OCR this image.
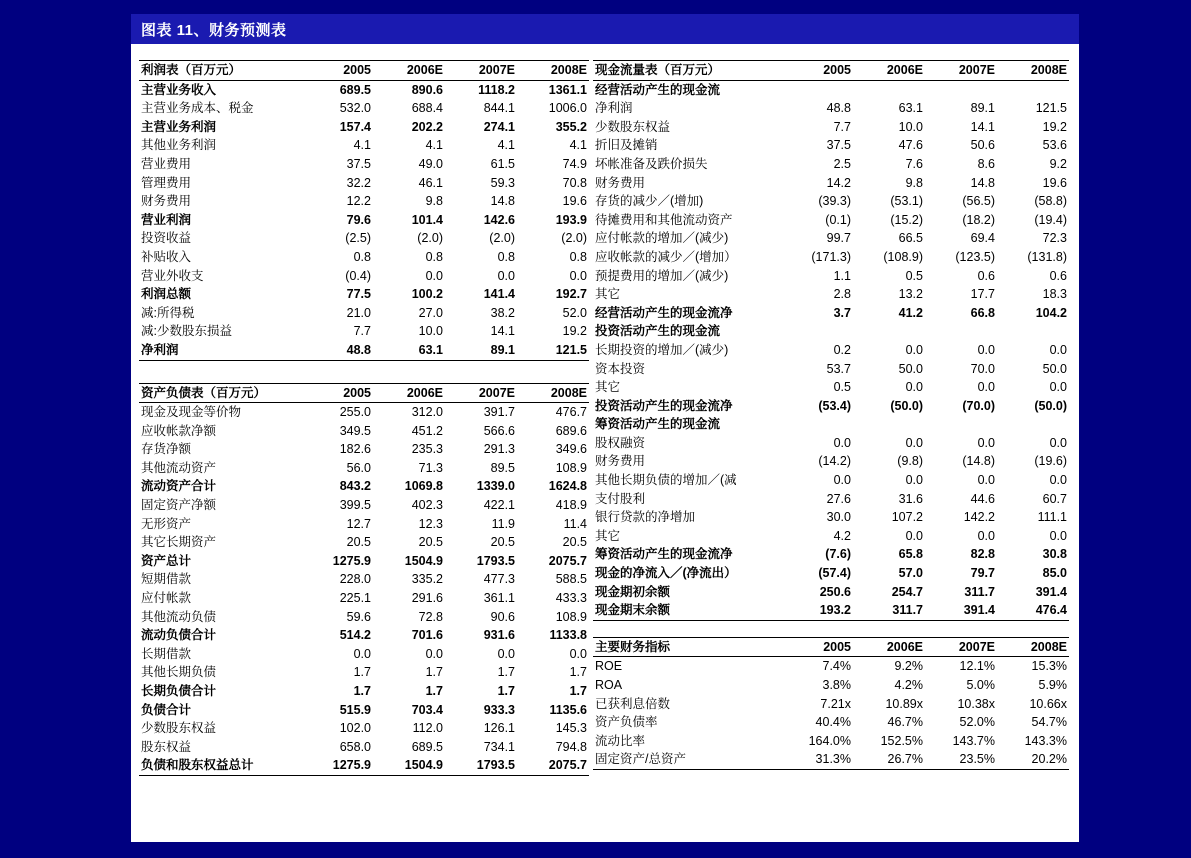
图表 11、财务预测表
利润表（百万元）	2005	2006E	2007E	2008E
主营业务收入	689.5	890.6	1118.2	1361.1
主营业务成本、税金	532.0	688.4	844.1	1006.0
主营业务利润	157.4	202.2	274.1	355.2
其他业务利润	4.1	4.1	4.1	4.1
营业费用	37.5	49.0	61.5	74.9
管理费用	32.2	46.1	59.3	70.8
财务费用	12.2	9.8	14.8	19.6
营业利润	79.6	101.4	142.6	193.9
投资收益	(2.5)	(2.0)	(2.0)	(2.0)
补贴收入	0.8	0.8	0.8	0.8
营业外收支	(0.4)	0.0	0.0	0.0
利润总额	77.5	100.2	141.4	192.7
减:所得税	21.0	27.0	38.2	52.0
减:少数股东损益	7.7	10.0	14.1	19.2
净利润	48.8	63.1	89.1	121.5
资产负债表（百万元）	2005	2006E	2007E	2008E
现金及现金等价物	255.0	312.0	391.7	476.7
应收帐款净额	349.5	451.2	566.6	689.6
存货净额	182.6	235.3	291.3	349.6
其他流动资产	56.0	71.3	89.5	108.9
流动资产合计	843.2	1069.8	1339.0	1624.8
固定资产净额	399.5	402.3	422.1	418.9
无形资产	12.7	12.3	11.9	11.4
其它长期资产	20.5	20.5	20.5	20.5
资产总计	1275.9	1504.9	1793.5	2075.7
短期借款	228.0	335.2	477.3	588.5
应付帐款	225.1	291.6	361.1	433.3
其他流动负债	59.6	72.8	90.6	108.9
流动负债合计	514.2	701.6	931.6	1133.8
长期借款	0.0	0.0	0.0	0.0
其他长期负债	1.7	1.7	1.7	1.7
长期负债合计	1.7	1.7	1.7	1.7
负债合计	515.9	703.4	933.3	1135.6
少数股东权益	102.0	112.0	126.1	145.3
股东权益	658.0	689.5	734.1	794.8
负债和股东权益总计	1275.9	1504.9	1793.5	2075.7
现金流量表（百万元）	2005	2006E	2007E	2008E
经营活动产生的现金流				
净利润	48.8	63.1	89.1	121.5
少数股东权益	7.7	10.0	14.1	19.2
折旧及摊销	37.5	47.6	50.6	53.6
坏帐准备及跌价损失	2.5	7.6	8.6	9.2
财务费用	14.2	9.8	14.8	19.6
存货的减少／(增加)	(39.3)	(53.1)	(56.5)	(58.8)
待摊费用和其他流动资产	(0.1)	(15.2)	(18.2)	(19.4)
应付帐款的增加／(减少)	99.7	66.5	69.4	72.3
应收帐款的减少／(增加）	(171.3)	(108.9)	(123.5)	(131.8)
预提费用的增加／(减少)	1.1	0.5	0.6	0.6
其它	2.8	13.2	17.7	18.3
经营活动产生的现金流净	3.7	41.2	66.8	104.2
投资活动产生的现金流				
长期投资的增加／(减少)	0.2	0.0	0.0	0.0
资本投资	53.7	50.0	70.0	50.0
其它	0.5	0.0	0.0	0.0
投资活动产生的现金流净	(53.4)	(50.0)	(70.0)	(50.0)
筹资活动产生的现金流				
股权融资	0.0	0.0	0.0	0.0
财务费用	(14.2)	(9.8)	(14.8)	(19.6)
其他长期负债的增加／(减	0.0	0.0	0.0	0.0
支付股利	27.6	31.6	44.6	60.7
银行贷款的净增加	30.0	107.2	142.2	111.1
其它	4.2	0.0	0.0	0.0
筹资活动产生的现金流净	(7.6)	65.8	82.8	30.8
现金的净流入／(净流出）	(57.4)	57.0	79.7	85.0
现金期初余额	250.6	254.7	311.7	391.4
现金期末余额	193.2	311.7	391.4	476.4
主要财务指标	2005	2006E	2007E	2008E
ROE	7.4%	9.2%	12.1%	15.3%
ROA	3.8%	4.2%	5.0%	5.9%
已获利息倍数	7.21x	10.89x	10.38x	10.66x
资产负债率	40.4%	46.7%	52.0%	54.7%
流动比率	164.0%	152.5%	143.7%	143.3%
固定资产/总资产	31.3%	26.7%	23.5%	20.2%
